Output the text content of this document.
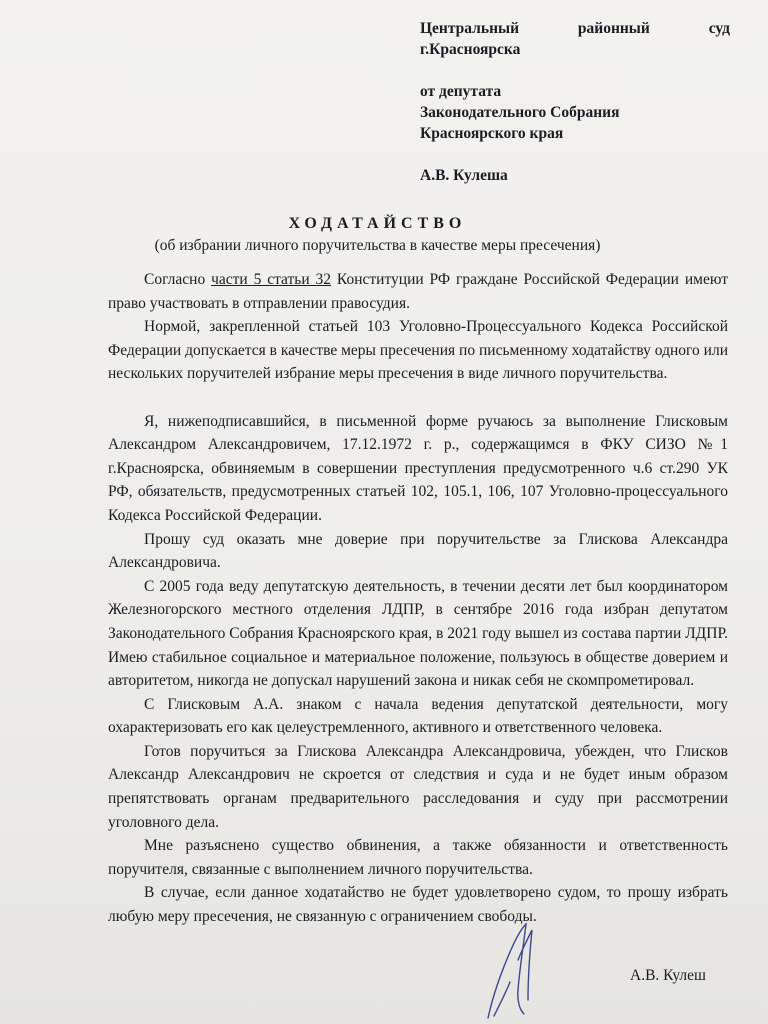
Центральный	районный	суд

г.Красноярска

от депутата

Законодательного Собрания

Красноярского края

А.В. Кулеша

ХОДАТАЙСТВО
(об избрании личного поручительства в качестве меры пресечения)

Согласно части 5 статьи 32 Конституции РФ граждане Российской Федерации имеют право участвовать в отправлении правосудия.

Нормой, закрепленной статьей 103 Уголовно-Процессуального Кодекса Российской Федерации допускается в качестве меры пресечения по письменному ходатайству одного или нескольких поручителей избрание меры пресечения в виде личного поручительства.

Я, нижеподписавшийся, в письменной форме ручаюсь за выполнение Глисковым Александром Александровичем, 17.12.1972 г. р., содержащимся в ФКУ СИЗО №1 г.Красноярска, обвиняемым в совершении преступления предусмотренного ч.6 ст.290 УК РФ, обязательств, предусмотренных статьей 102, 105.1, 106, 107 Уголовно-процессуального Кодекса Российской Федерации.

Прошу суд оказать мне доверие при поручительстве за Глискова Александра Александровича.

С 2005 года веду депутатскую деятельность, в течении десяти лет был координатором Железногорского местного отделения ЛДПР, в сентябре 2016 года избран депутатом Законодательного Собрания Красноярского края, в 2021 году вышел из состава партии ЛДПР. Имею стабильное социальное и материальное положение, пользуюсь в обществе доверием и авторитетом, никогда не допускал нарушений закона и никак себя не скомпрометировал.

С Глисковым А.А. знаком с начала ведения депутатской деятельности, могу охарактеризовать его как целеустремленного, активного и ответственного человека.

Готов поручиться за Глискова Александра Александровича, убежден, что Глисков Александр Александрович не скроется от следствия и суда и не будет иным образом препятствовать органам предварительного расследования и суду при рассмотрении уголовного дела.

Мне разъяснено существо обвинения, а также обязанности и ответственность поручителя, связанные с выполнением личного поручительства.

В случае, если данное ходатайство не будет удовлетворено судом, то прошу избрать любую меру пресечения, не связанную с ограничением свободы.

А.В. Кулеш
